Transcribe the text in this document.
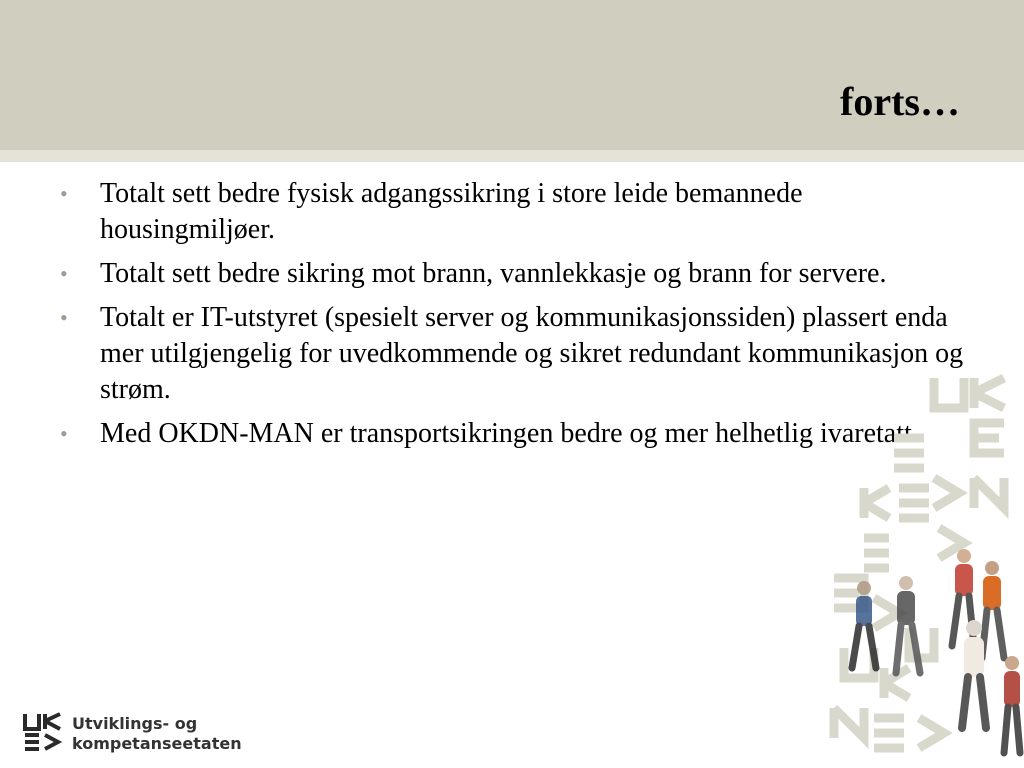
forts…
• Totalt sett bedre fysisk adgangssikring i store leide bemannede housingmiljøer.
• Totalt sett bedre sikring mot brann, vannlekkasje og brann for servere.
• Totalt er IT-utstyret (spesielt server og kommunikasjonssiden) plassert enda mer utilgjengelig for uvedkommende og sikret redundant kommunikasjon og strøm.
• Med OKDN-MAN er transportsikringen bedre og mer helhetlig ivaretatt.
Utviklings- og
kompetanseetaten
